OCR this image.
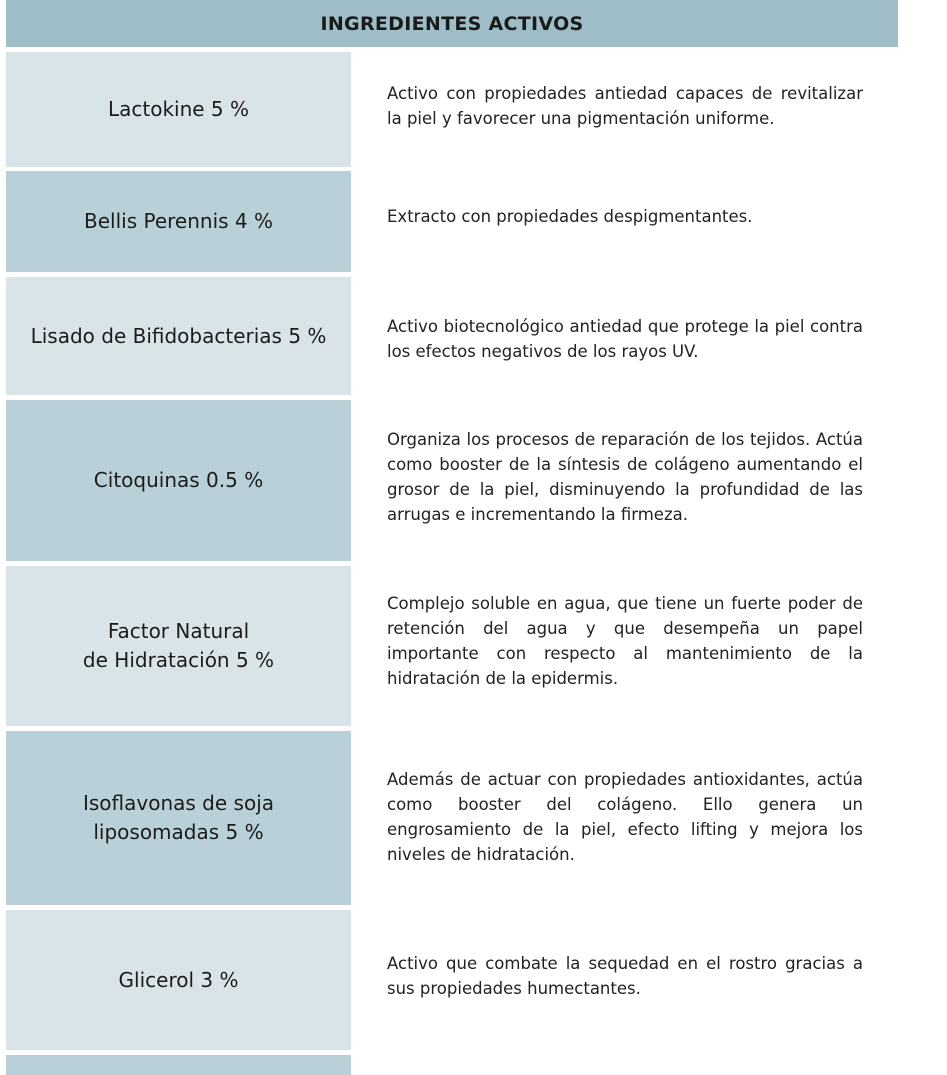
INGREDIENTES ACTIVOS
Lactokine 5 %
Activo con propiedades antiedad capaces de revitalizar la piel y favorecer una pigmentación uniforme.
Bellis Perennis 4 %	Extracto con propiedades despigmentantes.
Lisado de Bifidobacterias 5 %	Activo biotecnológico antiedad que protege la piel contra los efectos negativos de los rayos UV.
Citoquinas 0.5 %
Organiza los procesos de reparación de los tejidos. Actúa como booster de la síntesis de colágeno aumentando el grosor de la piel, disminuyendo la profundidad de las arrugas e incrementando la firmeza.
Factor Natural
de Hidratación 5 %
Complejo soluble en agua, que tiene un fuerte poder de retención del agua y que desempeña un papel importante con respecto al mantenimiento de la hidratación de la epidermis.
Isoflavonas de soja
liposomadas 5 %
Además de actuar con propiedades antioxidantes, actúa como booster del colágeno. Ello genera un engrosamiento de la piel, efecto lifting y mejora los niveles de hidratación.
Glicerol 3 %
Activo que combate la sequedad en el rostro gracias a sus propiedades humectantes.
